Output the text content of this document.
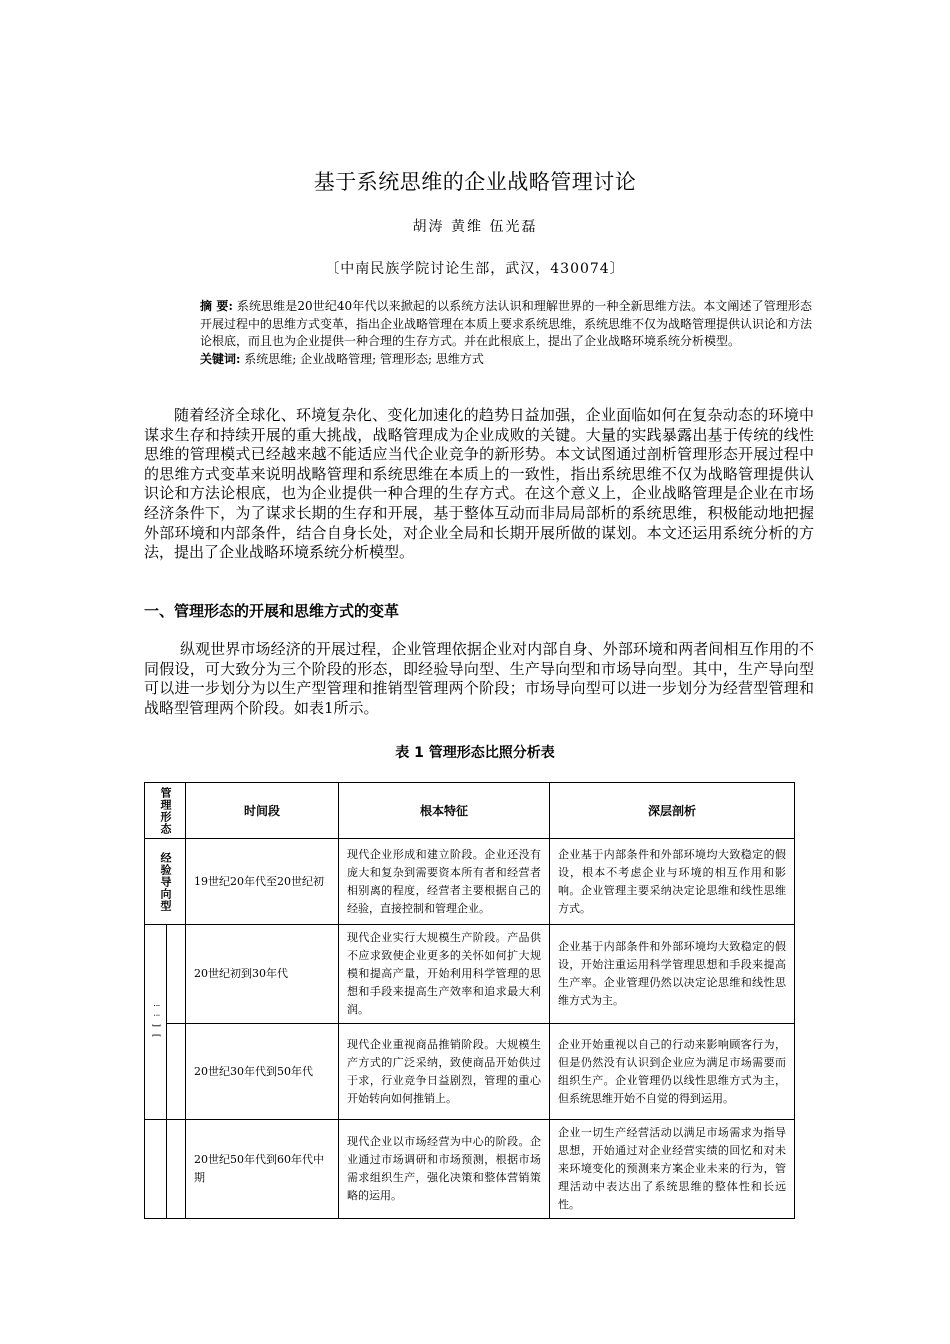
基于系统思维的企业战略管理讨论
胡涛 黄维 伍光磊
〔中南民族学院讨论生部，武汉，430074〕
摘 要: 系统思维是20世纪40年代以来掀起的以系统方法认识和理解世界的一种全新思维方法。本文阐述了管理形态开展过程中的思维方式变革，指出企业战略管理在本质上要求系统思维，系统思维不仅为战略管理提供认识论和方法论根底，而且也为企业提供一种合理的生存方式。并在此根底上，提出了企业战略环境系统分析模型。
关键词: 系统思维; 企业战略管理; 管理形态; 思维方式
随着经济全球化、环境复杂化、变化加速化的趋势日益加强，企业面临如何在复杂动态的环境中谋求生存和持续开展的重大挑战，战略管理成为企业成败的关键。大量的实践暴露出基于传统的线性思维的管理模式已经越来越不能适应当代企业竞争的新形势。本文试图通过剖析管理形态开展过程中的思维方式变革来说明战略管理和系统思维在本质上的一致性，指出系统思维不仅为战略管理提供认识论和方法论根底，也为企业提供一种合理的生存方式。在这个意义上，企业战略管理是企业在市场经济条件下，为了谋求长期的生存和开展，基于整体互动而非局局部析的系统思维，积极能动地把握外部环境和内部条件，结合自身长处，对企业全局和长期开展所做的谋划。本文还运用系统分析的方法，提出了企业战略环境系统分析模型。
一、管理形态的开展和思维方式的变革
纵观世界市场经济的开展过程，企业管理依据企业对内部自身、外部环境和两者间相互作用的不同假设，可大致分为三个阶段的形态，即经验导向型、生产导向型和市场导向型。其中，生产导向型可以进一步划分为以生产型管理和推销型管理两个阶段；市场导向型可以进一步划分为经营型管理和战略型管理两个阶段。如表1所示。
表 1 管理形态比照分析表
管理形态		时间段	根本特征	深层剖析

经验导向型		19世纪20年代至20世纪初	现代企业形成和建立阶段。企业还没有庞大和复杂到需要资本所有者和经营者相别离的程度，经营者主要根据自己的经验，直接控制和管理企业。	企业基于内部条件和外部环境均大致稳定的假设，根本不考虑企业与环境的相互作用和影响。企业管理主要采纳决定论思维和线性思维方式。

⁝ ⁝ ] [		20世纪初到30年代	现代企业实行大规模生产阶段。产品供不应求致使企业更多的关怀如何扩大规模和提高产量，开始利用科学管理的思想和手段来提高生产效率和追求最大利润。	企业基于内部条件和外部环境均大致稳定的假设，开始注重运用科学管理思想和手段来提高生产率。企业管理仍然以决定论思维和线性思维方式为主。
		20世纪30年代到50年代	现代企业重视商品推销阶段。大规模生产方式的广泛采纳，致使商品开始供过于求，行业竞争日益剧烈，管理的重心开始转向如何推销上。	企业开始重视以自己的行动来影响顾客行为，但是仍然没有认识到企业应为满足市场需要而组织生产。企业管理仍以线性思维方式为主，但系统思维开始不自觉的得到运用。
		20世纪50年代到60年代中期	现代企业以市场经营为中心的阶段。企业通过市场调研和市场预测，根据市场需求组织生产，强化决策和整体营销策略的运用。	企业一切生产经营活动以满足市场需求为指导思想，开始通过对企业经营实绩的回忆和对未来环境变化的预测来方案企业未来的行为，管理活动中表达出了系统思维的整体性和长远性。
